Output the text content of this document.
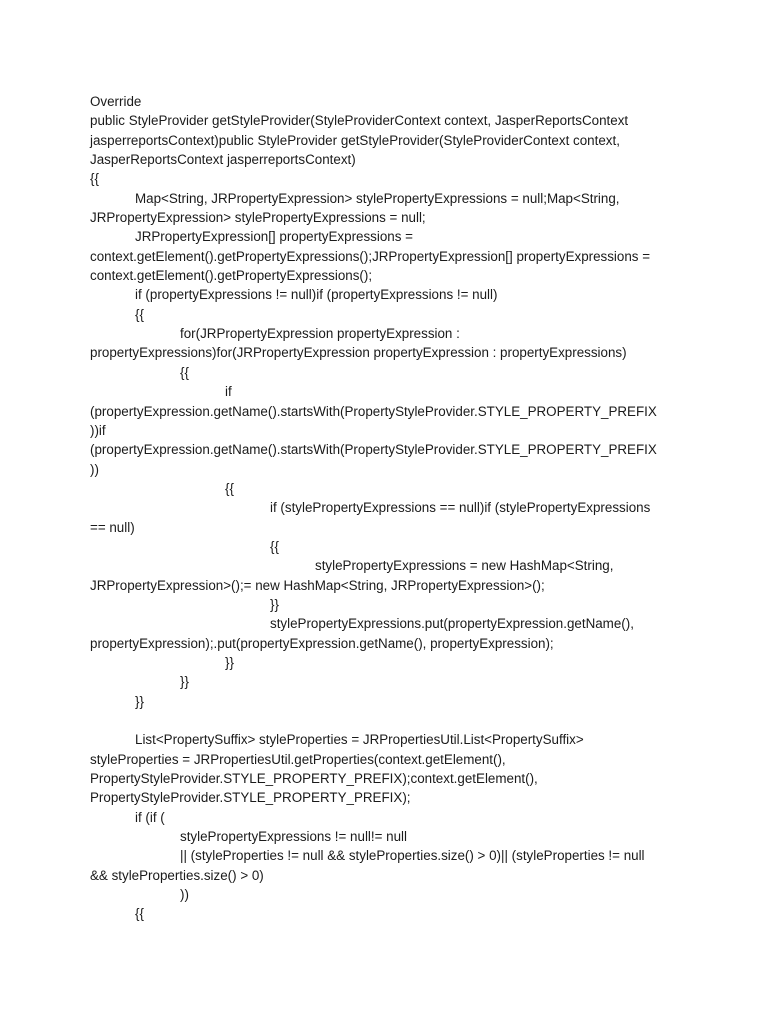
Override
public StyleProvider getStyleProvider(StyleProviderContext context, JasperReportsContext
jasperreportsContext)public StyleProvider getStyleProvider(StyleProviderContext context,
JasperReportsContext jasperreportsContext)
{{
Map<String, JRPropertyExpression> stylePropertyExpressions = null;Map<String,
JRPropertyExpression> stylePropertyExpressions = null;
JRPropertyExpression[] propertyExpressions =
context.getElement().getPropertyExpressions();JRPropertyExpression[] propertyExpressions =
context.getElement().getPropertyExpressions();
if (propertyExpressions != null)if (propertyExpressions != null)
{{
for(JRPropertyExpression propertyExpression :
propertyExpressions)for(JRPropertyExpression propertyExpression : propertyExpressions)
{{
if
(propertyExpression.getName().startsWith(PropertyStyleProvider.STYLE_PROPERTY_PREFIX
))if
(propertyExpression.getName().startsWith(PropertyStyleProvider.STYLE_PROPERTY_PREFIX
))
{{
if (stylePropertyExpressions == null)if (stylePropertyExpressions
== null)
{{
stylePropertyExpressions = new HashMap<String,
JRPropertyExpression>();= new HashMap<String, JRPropertyExpression>();
}}
stylePropertyExpressions.put(propertyExpression.getName(),
propertyExpression);.put(propertyExpression.getName(), propertyExpression);
}}
}}
}}
List<PropertySuffix> styleProperties = JRPropertiesUtil.List<PropertySuffix>
styleProperties = JRPropertiesUtil.getProperties(context.getElement(),
PropertyStyleProvider.STYLE_PROPERTY_PREFIX);context.getElement(),
PropertyStyleProvider.STYLE_PROPERTY_PREFIX);
if (if (
stylePropertyExpressions != null!= null
|| (styleProperties != null && styleProperties.size() > 0)|| (styleProperties != null
&& styleProperties.size() > 0)
))
{{
